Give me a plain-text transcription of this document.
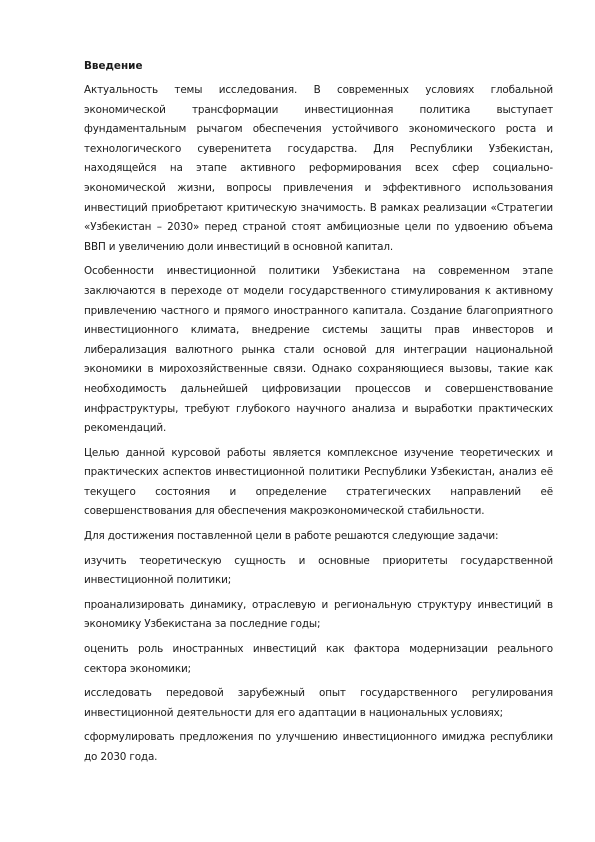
Введение

Актуальность темы исследования. В современных условиях глобальной экономической трансформации инвестиционная политика выступает фундаментальным рычагом обеспечения устойчивого экономического роста и технологического суверенитета государства. Для Республики Узбекистан, находящейся на этапе активного реформирования всех сфер социально-экономической жизни, вопросы привлечения и эффективного использования инвестиций приобретают критическую значимость. В рамках реализации «Стратегии «Узбекистан – 2030» перед страной стоят амбициозные цели по удвоению объема ВВП и увеличению доли инвестиций в основной капитал.

Особенности инвестиционной политики Узбекистана на современном этапе заключаются в переходе от модели государственного стимулирования к активному привлечению частного и прямого иностранного капитала. Создание благоприятного инвестиционного климата, внедрение системы защиты прав инвесторов и либерализация валютного рынка стали основой для интеграции национальной экономики в мирохозяйственные связи. Однако сохраняющиеся вызовы, такие как необходимость дальнейшей цифровизации процессов и совершенствование инфраструктуры, требуют глубокого научного анализа и выработки практических рекомендаций.

Целью данной курсовой работы является комплексное изучение теоретических и практических аспектов инвестиционной политики Республики Узбекистан, анализ её текущего состояния и определение стратегических направлений её совершенствования для обеспечения макроэкономической стабильности.

Для достижения поставленной цели в работе решаются следующие задачи:

изучить теоретическую сущность и основные приоритеты государственной инвестиционной политики;

проанализировать динамику, отраслевую и региональную структуру инвестиций в экономику Узбекистана за последние годы;

оценить роль иностранных инвестиций как фактора модернизации реального сектора экономики;

исследовать передовой зарубежный опыт государственного регулирования инвестиционной деятельности для его адаптации в национальных условиях;

сформулировать предложения по улучшению инвестиционного имиджа республики до 2030 года.
